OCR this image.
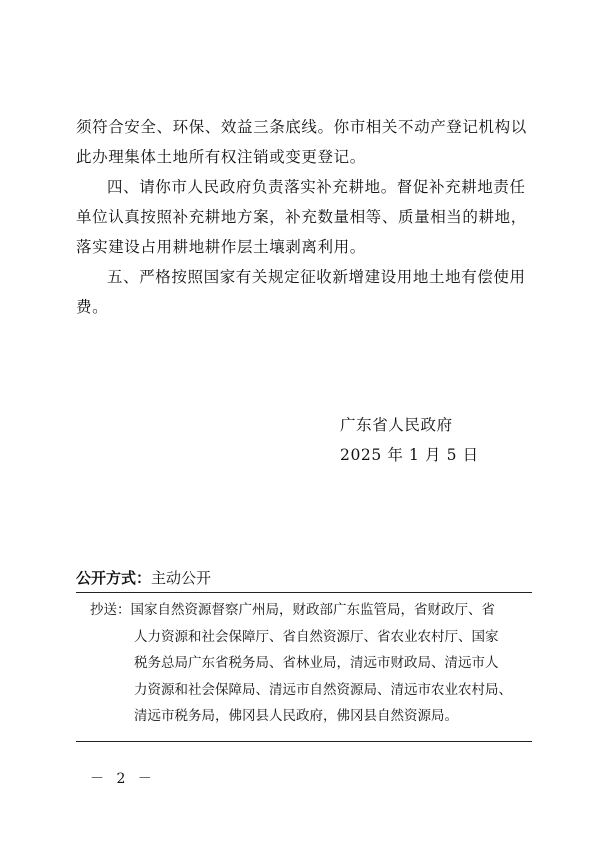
须符合安全、环保、效益三条底线。你市相关不动产登记机构以

此办理集体土地所有权注销或变更登记。

四、请你市人民政府负责落实补充耕地。督促补充耕地责任

单位认真按照补充耕地方案，补充数量相等、质量相当的耕地，

落实建设占用耕地耕作层土壤剥离利用。

五、严格按照国家有关规定征收新增建设用地土地有偿使用

费。

广东省人民政府
2025 年 1 月 5 日
公开方式：主动公开
抄送：国家自然资源督察广州局，财政部广东监管局，省财政厅、省
人力资源和社会保障厅、省自然资源厅、省农业农村厅、国家
税务总局广东省税务局、省林业局，清远市财政局、清远市人
力资源和社会保障局、清远市自然资源局、清远市农业农村局、
清远市税务局，佛冈县人民政府，佛冈县自然资源局。
－ 2 －
